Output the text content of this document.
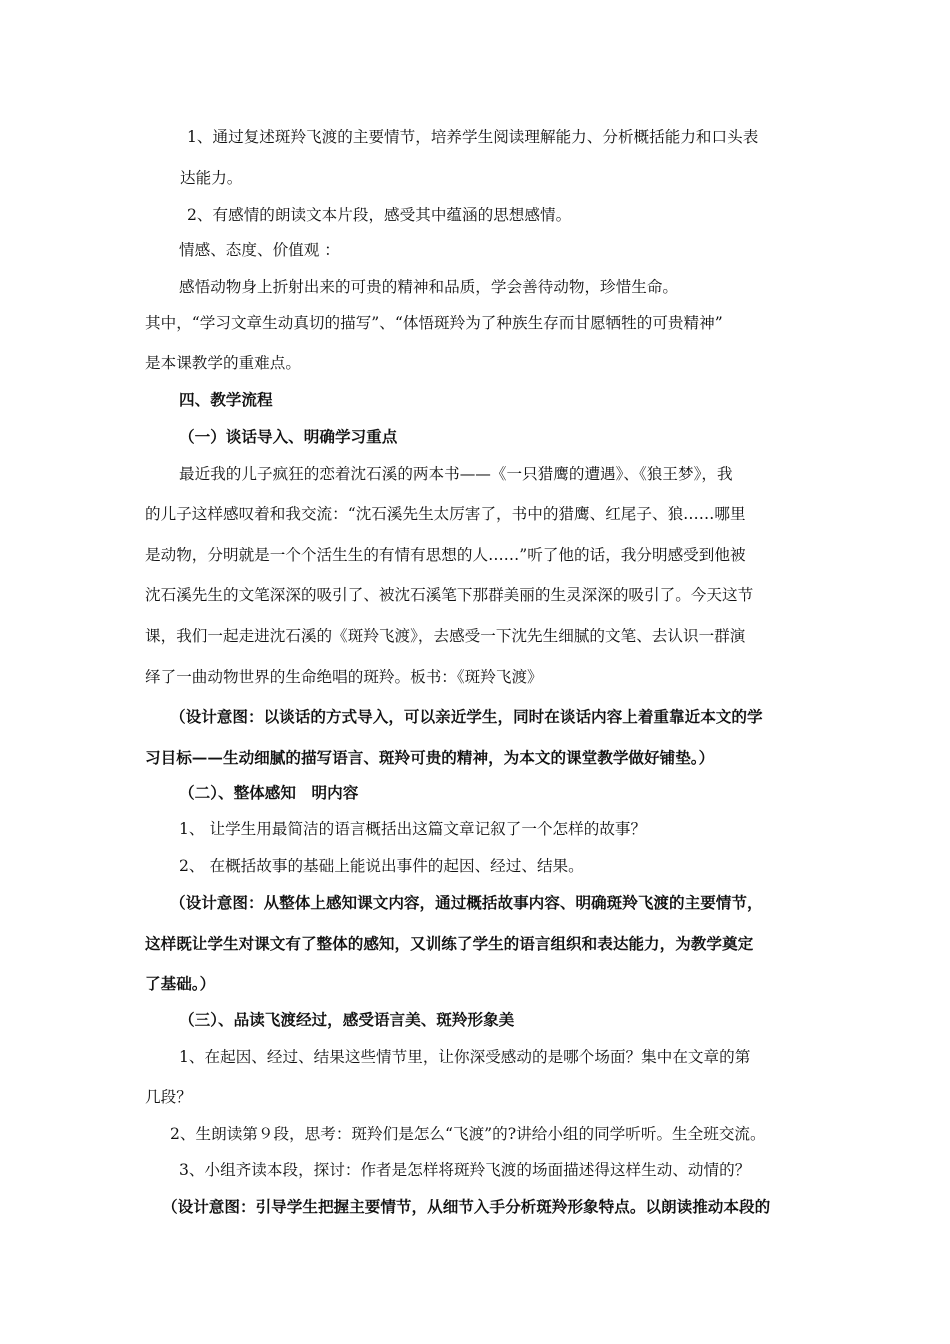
1、通过复述斑羚飞渡的主要情节，培养学生阅读理解能力、分析概括能力和口头表

达能力。

2、有感情的朗读文本片段，感受其中蕴涵的思想感情。

情感、态度、价值观 ：

感悟动物身上折射出来的可贵的精神和品质，学会善待动物，珍惜生命。

其中，“学习文章生动真切的描写”、“体悟斑羚为了种族生存而甘愿牺牲的可贵精神”

是本课教学的重难点。

四、教学流程

（一）谈话导入、明确学习重点

最近我的儿子疯狂的恋着沈石溪的两本书——《一只猎鹰的遭遇》、《狼王梦》，我

的儿子这样感叹着和我交流：“沈石溪先生太厉害了，书中的猎鹰、红尾子、狼……哪里

是动物，分明就是一个个活生生的有情有思想的人……”听了他的话，我分明感受到他被

沈石溪先生的文笔深深的吸引了、被沈石溪笔下那群美丽的生灵深深的吸引了。今天这节

课，我们一起走进沈石溪的《斑羚飞渡》，去感受一下沈先生细腻的文笔、去认识一群演

绎了一曲动物世界的生命绝唱的斑羚。板书：《斑羚飞渡》

（设计意图：以谈话的方式导入，可以亲近学生，同时在谈话内容上着重靠近本文的学

习目标——生动细腻的描写语言、斑羚可贵的精神，为本文的课堂教学做好铺垫。）

（二）、整体感知　明内容

1、 让学生用最简洁的语言概括出这篇文章记叙了一个怎样的故事？

2、 在概括故事的基础上能说出事件的起因、经过、结果。

（设计意图：从整体上感知课文内容，通过概括故事内容、明确斑羚飞渡的主要情节，

这样既让学生对课文有了整体的感知，又训练了学生的语言组织和表达能力，为教学奠定

了基础。）

（三）、品读飞渡经过，感受语言美、斑羚形象美

1、在起因、经过、结果这些情节里，让你深受感动的是哪个场面？集中在文章的第

几段？

2、生朗读第９段，思考：斑羚们是怎么“飞渡”的?讲给小组的同学听听。生全班交流。

3、小组齐读本段，探讨：作者是怎样将斑羚飞渡的场面描述得这样生动、动情的？

（设计意图：引导学生把握主要情节，从细节入手分析斑羚形象特点。以朗读推动本段的
